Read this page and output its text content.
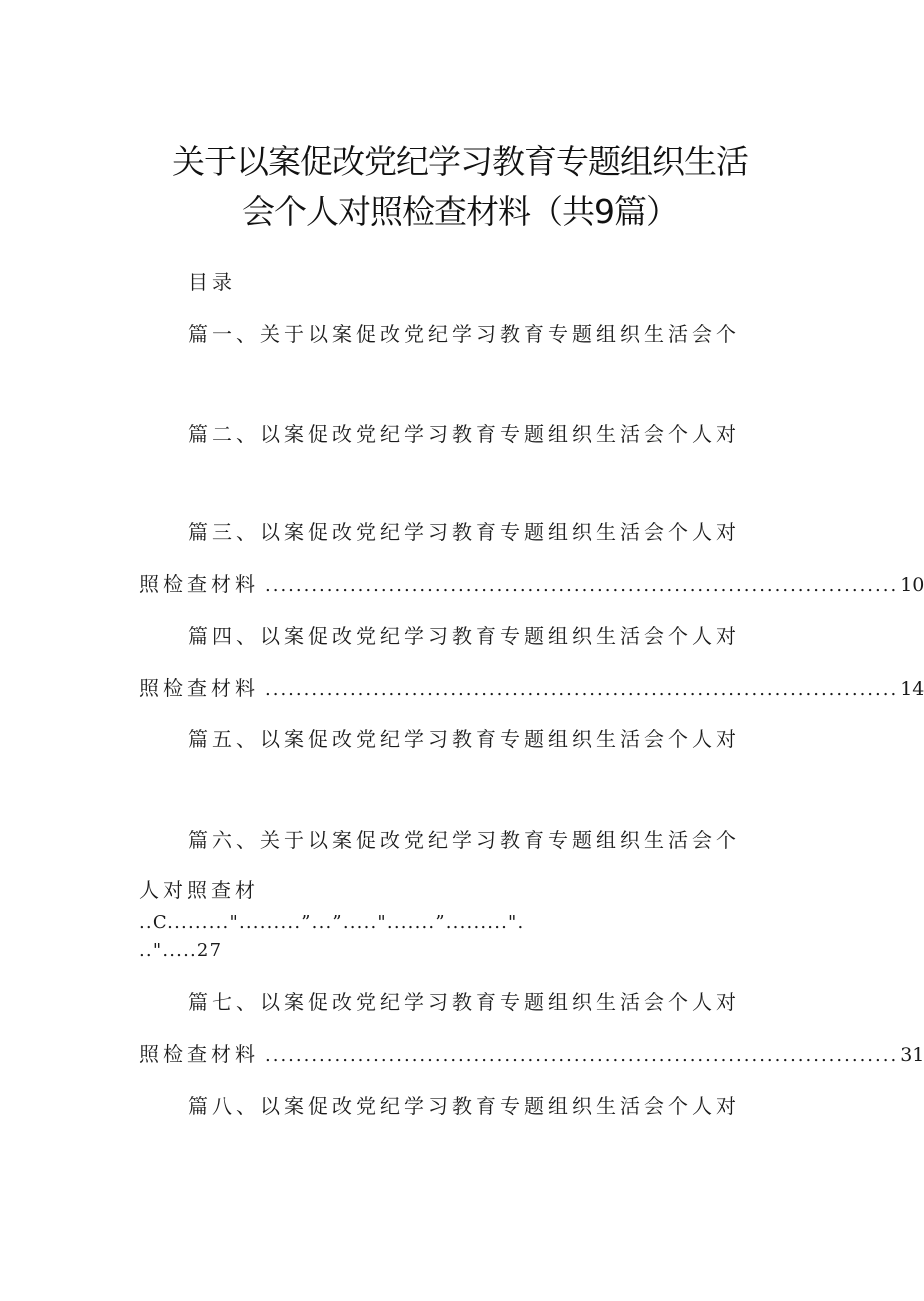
关于以案促改党纪学习教育专题组织生活
会个人对照检查材料（共9篇）
目录
篇一、关于以案促改党纪学习教育专题组织生活会个
篇二、以案促改党纪学习教育专题组织生活会个人对
篇三、以案促改党纪学习教育专题组织生活会个人对
照检查材料 .................................................................................. 10
篇四、以案促改党纪学习教育专题组织生活会个人对
照检查材料 .................................................................................. 14
篇五、以案促改党纪学习教育专题组织生活会个人对
篇六、关于以案促改党纪学习教育专题组织生活会个
人对照查材
..C.........".........”...”.....".......”.........".
..".....27
篇七、以案促改党纪学习教育专题组织生活会个人对
照检查材料 .................................................................................. 31
篇八、以案促改党纪学习教育专题组织生活会个人对
